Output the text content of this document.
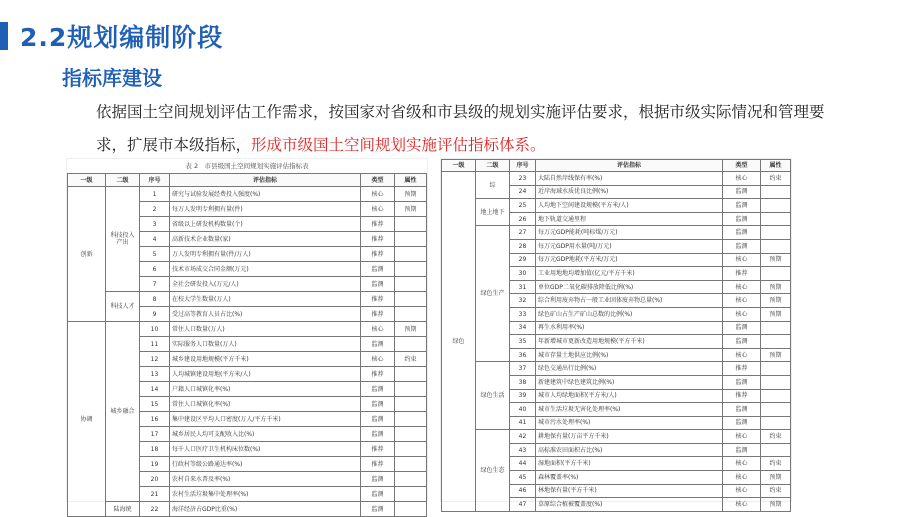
2.2规划编制阶段
指标库建设
依据国土空间规划评估工作需求，按国家对省级和市县级的规划实施评估要求，根据市级实际情况和管理要求，扩展市本级指标，形成市级国土空间规划实施评估指标体系。
表 2　市县级国土空间规划实施评估指标表
一级	二级	序号	评估指标	类型	属性
创新	科技投入产出	1	研究与试验发展经费投入强度(%)	核心	预期
		2	每万人发明专利拥有量(件)	核心	预期
		3	省级以上研发机构数量(个)	推荐	
		4	高新技术企业数量(家)	推荐	
		5	万人发明专利拥有量(件/万人)	推荐	
		6	技术市场成交合同金额(万元)	监测	
		7	全社会研发投入(万元/人)	监测	
	科技人才	8	在校大学生数量(万人)	推荐	
		9	受过高等教育人员占比(%)	推荐	
协调	城乡融合	10	常住人口数量(万人)	核心	预期
		11	实际服务人口数量(万人)	监测	
		12	城乡建设用地规模(平方千米)	核心	约束
		13	人均城镇建设用地(平方米/人)	推荐	
		14	户籍人口城镇化率(%)	监测	
		15	常住人口城镇化率(%)	监测	
		16	集中建设区平均人口密度(万人/平方千米)	监测	
		17	城乡居民人均可支配收入比(%)	监测	
		18	每千人口医疗卫生机构床位数(%)	推荐	
		19	行政村等级公路通达率(%)	推荐	
		20	农村自来水普及率(%)	监测	
		21	农村生活垃圾集中处理率(%)	监测	
	陆海统	22	海洋经济占GDP比重(%)	监测	
一级	二级	序号	评估指标	类型	属性
绿色	综	23	大陆自然岸线保有率(%)	核心	约束
		24	近岸海域水质优良比例(%)	监测	
	地上地下	25	人均地下空间建设规模(平方米/人)	监测	
		26	地下轨道交通里程	监测	
	绿色生产	27	每万元GDP能耗(吨标煤/万元)	监测	
		28	每万元GDP用水量(吨/万元)	监测	
		29	每万元GDP地耗(平方米/万元)	核心	预期
		30	工业用地地均增加值(亿元/平方千米)	推荐	
		31	单位GDP二氧化碳排放降低比例(%)	核心	预期
		32	综合利用废弃物占一般工业固体废弃物总量(%)	核心	预期
		33	绿色矿山占生产矿山总数的比例(%)	核心	预期
		34	再生水利用率(%)	监测	
		35	年新增城市更新改造用地规模(平方千米)	监测	
		36	城市存量土地供应比例(%)	核心	预期
	绿色生活	37	绿色交通出行比例(%)	推荐	
		38	新建建筑中绿色建筑比例(%)	监测	
		39	城市人均绿地面积(平方米/人)	推荐	
		40	城市生活垃圾无害化处理率(%)	监测	
		41	城市污水处理率(%)	监测	
	绿色生态	42	耕地保有量(万亩平方千米)	核心	约束
		43	高标准农田面积占比(%)	监测	
		44	湿地面积(平方千米)	核心	约束
		45	森林覆盖率(%)	核心	预期
		46	林地保有量(平方千米)	核心	约束
		47	草原综合植被覆盖度(%)	核心	预期
